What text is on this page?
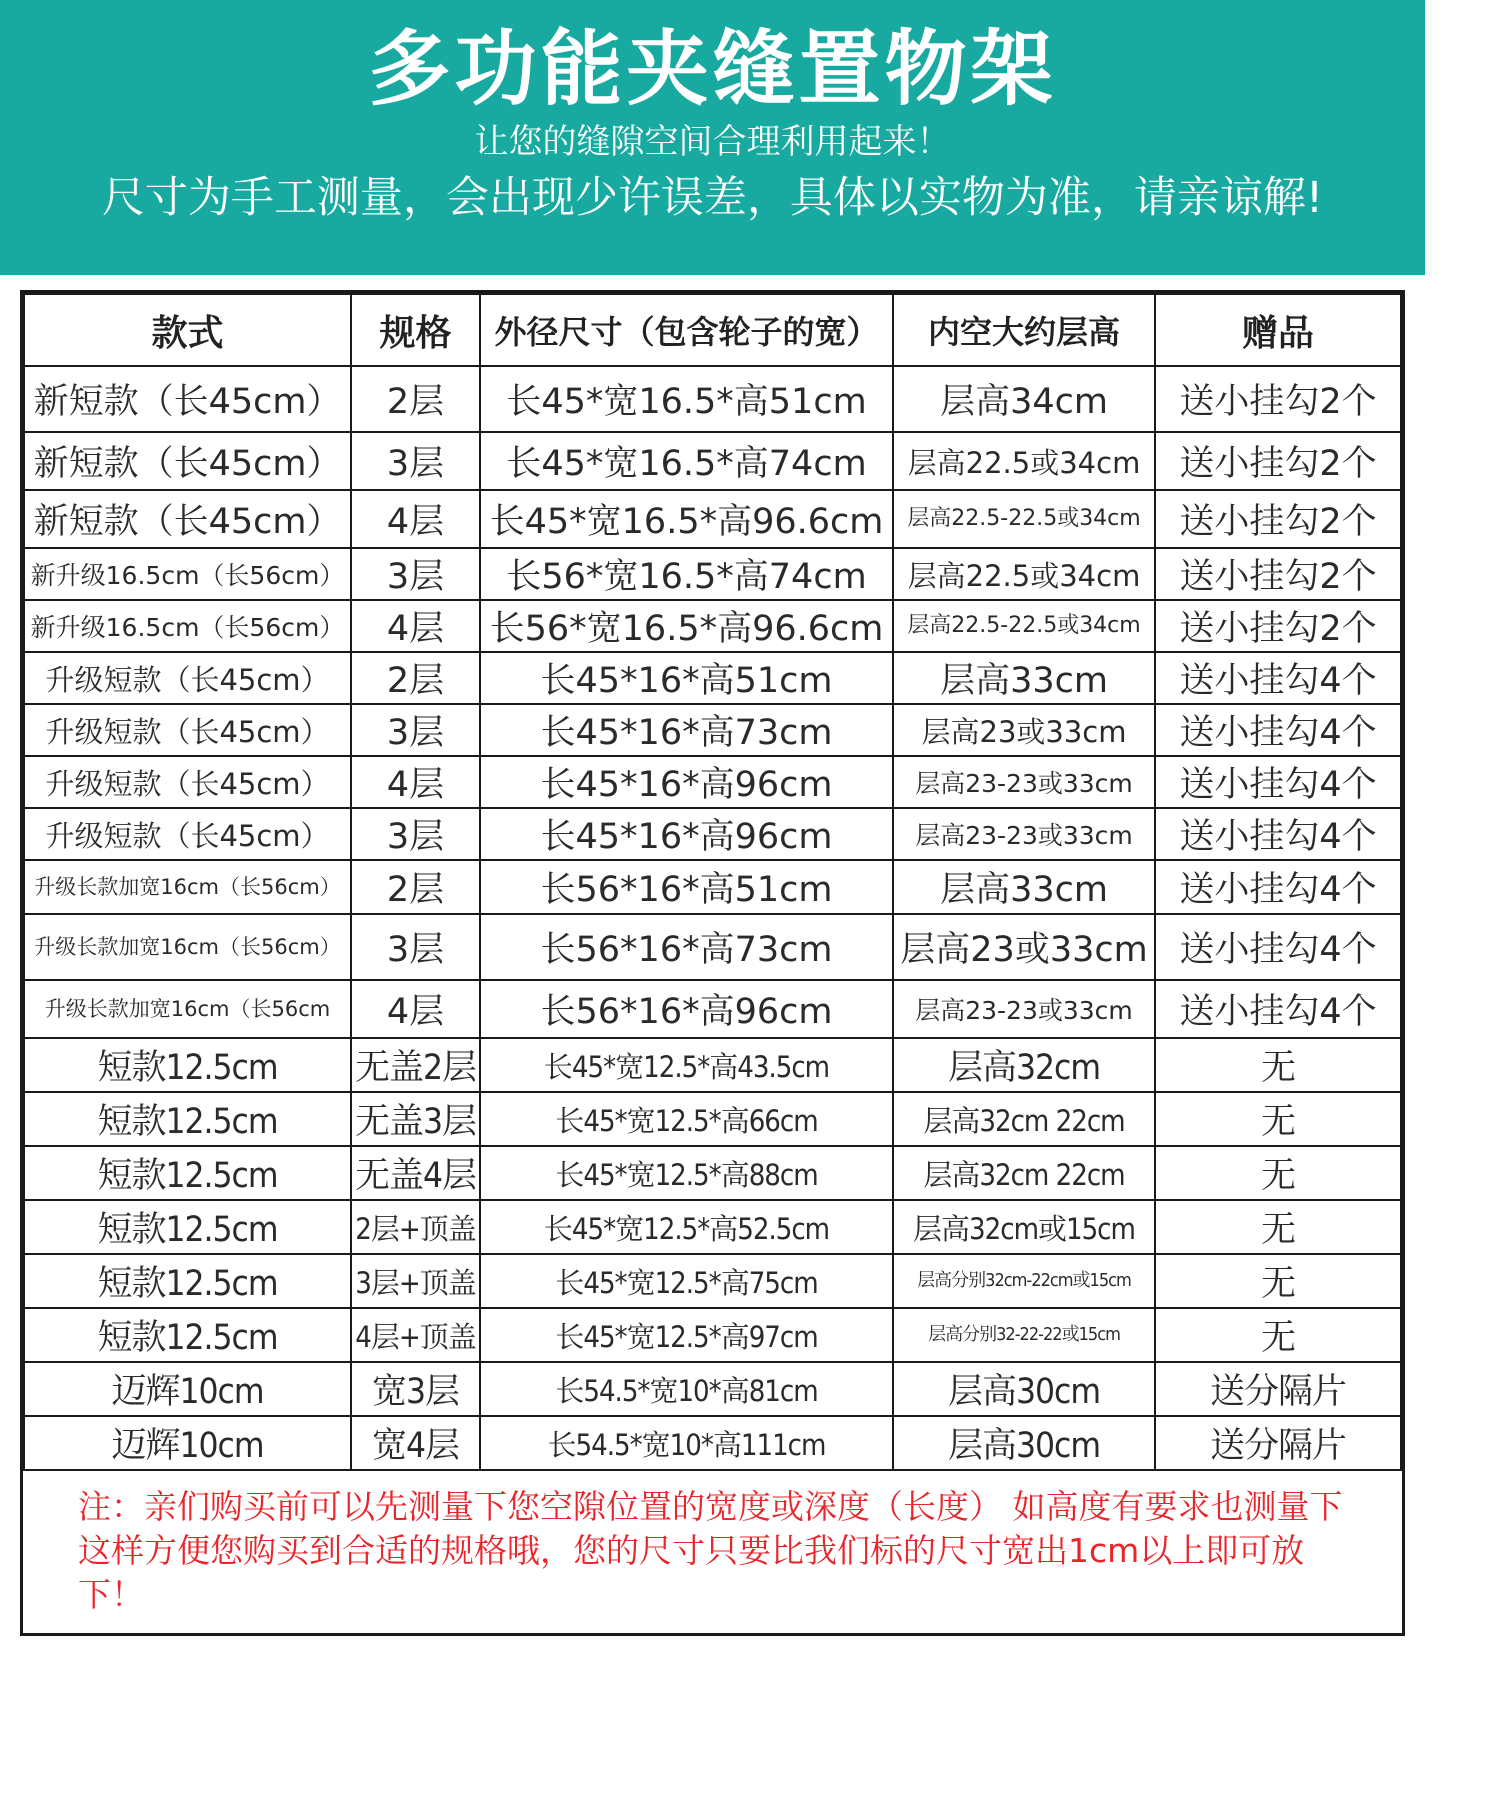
多功能夹缝置物架
让您的缝隙空间合理利用起来！
尺寸为手工测量，会出现少许误差，具体以实物为准，请亲谅解!
款式	规格	外径尺寸（包含轮子的宽）	内空大约层高	赠品
新短款（长45cm）	2层	长45*宽16.5*高51cm	层高34cm	送小挂勾2个
新短款（长45cm）	3层	长45*宽16.5*高74cm	层高22.5或34cm	送小挂勾2个
新短款（长45cm）	4层	长45*宽16.5*高96.6cm	层高22.5-22.5或34cm	送小挂勾2个
新升级16.5cm（长56cm）	3层	长56*宽16.5*高74cm	层高22.5或34cm	送小挂勾2个
新升级16.5cm（长56cm）	4层	长56*宽16.5*高96.6cm	层高22.5-22.5或34cm	送小挂勾2个
升级短款（长45cm）	2层	长45*16*高51cm	层高33cm	送小挂勾4个
升级短款（长45cm）	3层	长45*16*高73cm	层高23或33cm	送小挂勾4个
升级短款（长45cm）	4层	长45*16*高96cm	层高23-23或33cm	送小挂勾4个
升级短款（长45cm）	3层	长45*16*高96cm	层高23-23或33cm	送小挂勾4个
升级长款加宽16cm（长56cm）	2层	长56*16*高51cm	层高33cm	送小挂勾4个
升级长款加宽16cm（长56cm）	3层	长56*16*高73cm	层高23或33cm	送小挂勾4个
升级长款加宽16cm（长56cm	4层	长56*16*高96cm	层高23-23或33cm	送小挂勾4个
短款12.5cm	无盖2层	长45*宽12.5*高43.5cm	层高32cm	无
短款12.5cm	无盖3层	长45*宽12.5*高66cm	层高32cm 22cm	无
短款12.5cm	无盖4层	长45*宽12.5*高88cm	层高32cm 22cm	无
短款12.5cm	2层+顶盖	长45*宽12.5*高52.5cm	层高32cm或15cm	无
短款12.5cm	3层+顶盖	长45*宽12.5*高75cm	层高分别32cm-22cm或15cm	无
短款12.5cm	4层+顶盖	长45*宽12.5*高97cm	层高分别32-22-22或15cm	无
迈辉10cm	宽3层	长54.5*宽10*高81cm	层高30cm	送分隔片
迈辉10cm	宽4层	长54.5*宽10*高111cm	层高30cm	送分隔片
注：亲们购买前可以先测量下您空隙位置的宽度或深度（长度） 如高度有要求也测量下这样方便您购买到合适的规格哦，您的尺寸只要比我们标的尺寸宽出1cm以上即可放下！
